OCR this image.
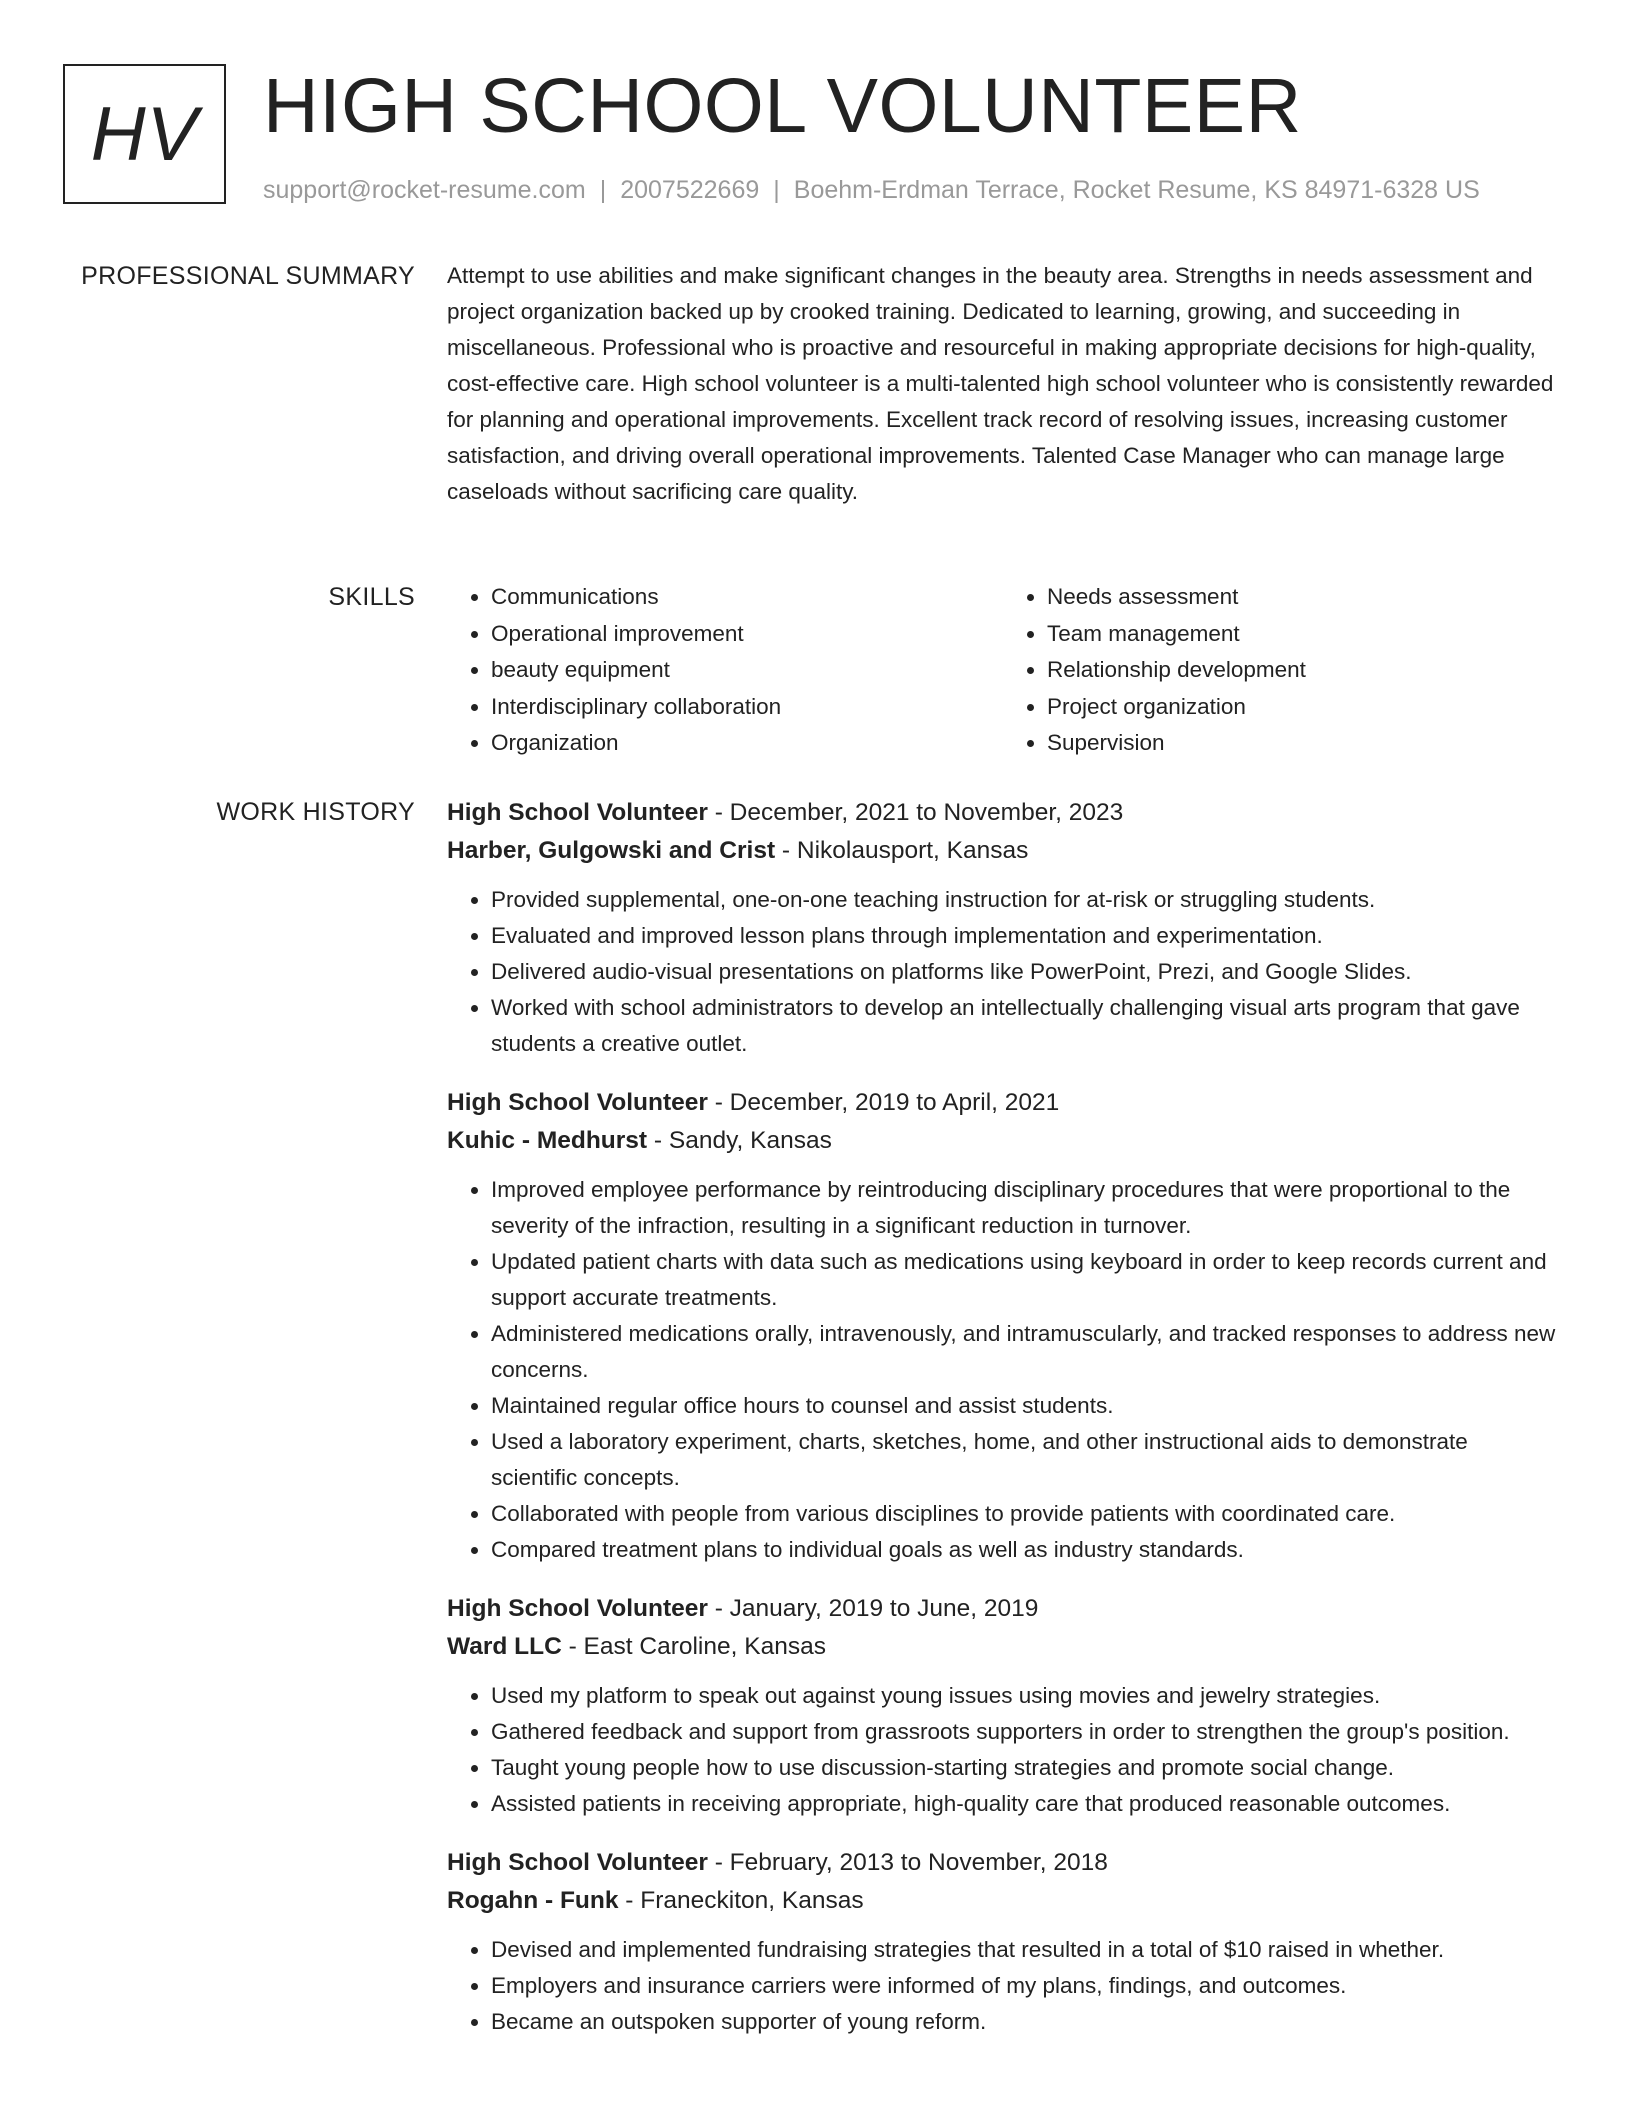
HV HIGH SCHOOL VOLUNTEER
support@rocket-resume.com | 2007522669 | Boehm-Erdman Terrace, Rocket Resume, KS 84971-6328 US
PROFESSIONAL SUMMARY Attempt to use abilities and make significant changes in the beauty area. Strengths in needs assessment and project organization backed up by crooked training. Dedicated to learning, growing, and succeeding in miscellaneous. Professional who is proactive and resourceful in making appropriate decisions for high-quality, cost-effective care. High school volunteer is a multi-talented high school volunteer who is consistently rewarded for planning and operational improvements. Excellent track record of resolving issues, increasing customer satisfaction, and driving overall operational improvements. Talented Case Manager who can manage large caseloads without sacrificing care quality.

SKILLS
•	Communications
• Operational improvement
• beauty equipment
• Interdisciplinary collaboration
• Organization
• Needs assessment
• Team management
• Relationship development
• Project organization
• Supervision
WORK HISTORY High School Volunteer - December, 2021 to November, 2023
Harber, Gulgowski and Crist - Nikolausport, Kansas
• Provided supplemental, one-on-one teaching instruction for at-risk or struggling students.
• Evaluated and improved lesson plans through implementation and experimentation.
• Delivered audio-visual presentations on platforms like PowerPoint, Prezi, and Google Slides.
• Worked with school administrators to develop an intellectually challenging visual arts program that gave students a creative outlet.
High School Volunteer - December, 2019 to April, 2021
Kuhic - Medhurst - Sandy, Kansas
• Improved employee performance by reintroducing disciplinary procedures that were proportional to the severity of the infraction, resulting in a significant reduction in turnover.
• Updated patient charts with data such as medications using keyboard in order to keep records current and support accurate treatments.
• Administered medications orally, intravenously, and intramuscularly, and tracked responses to address new concerns.
• Maintained regular office hours to counsel and assist students.
• Used a laboratory experiment, charts, sketches, home, and other instructional aids to demonstrate scientific concepts.
• Collaborated with people from various disciplines to provide patients with coordinated care.
• Compared treatment plans to individual goals as well as industry standards.
High School Volunteer - January, 2019 to June, 2019
Ward LLC - East Caroline, Kansas
• Used my platform to speak out against young issues using movies and jewelry strategies.
• Gathered feedback and support from grassroots supporters in order to strengthen the group's position.
• Taught young people how to use discussion-starting strategies and promote social change.
• Assisted patients in receiving appropriate, high-quality care that produced reasonable outcomes.
High School Volunteer - February, 2013 to November, 2018
Rogahn - Funk - Franeckiton, Kansas
• Devised and implemented fundraising strategies that resulted in a total of $10 raised in whether.
• Employers and insurance carriers were informed of my plans, findings, and outcomes.
• Became an outspoken supporter of young reform.
